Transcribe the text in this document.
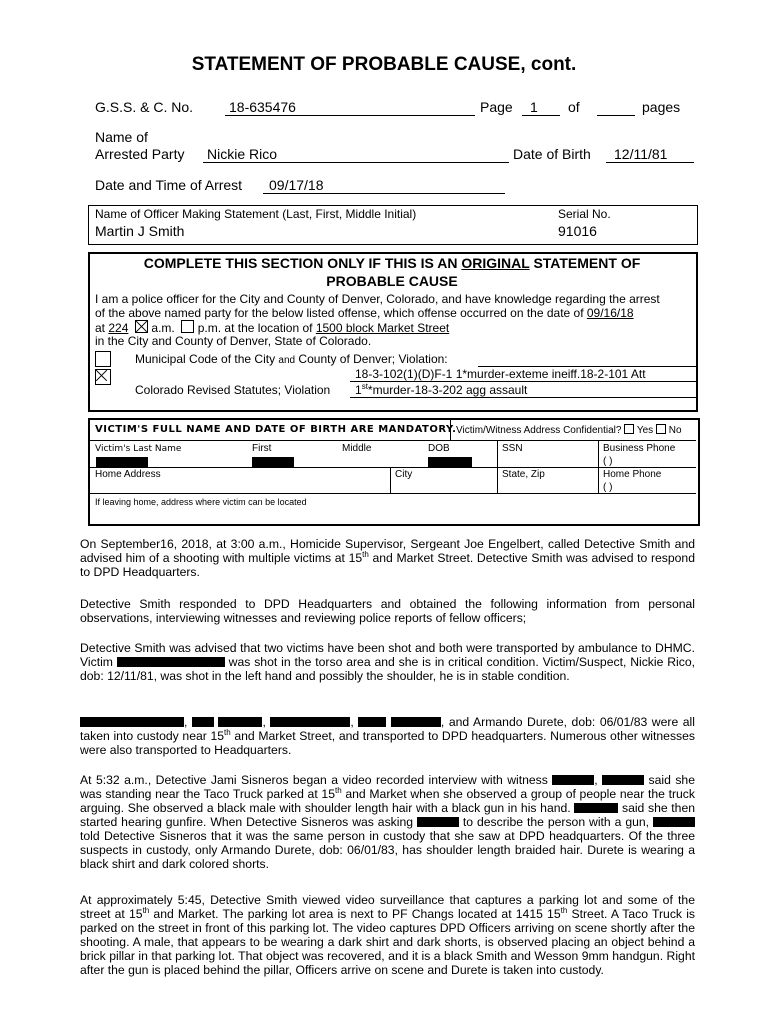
STATEMENT OF PROBABLE CAUSE, cont.
G.S.S. & C. No.	18-635476	Page	1	of	pages
Name of
Arrested Party Nickie Rico	Date of Birth	12/11/81
Date and Time of Arrest	09/17/18
Name of Officer Making Statement (Last, First, Middle Initial)
Martin J Smith
Serial No.
91016
COMPLETE THIS SECTION ONLY IF THIS IS AN ORIGINAL STATEMENT OF
PROBABLE CAUSE
I am a police officer for the City and County of Denver, Colorado, and have knowledge regarding the arrest
of the above named party for the below listed offense, which offense occurred on the date of 09/16/18
at 224 a.m. p.m. at the location of 1500 block Market Street
in the City and County of Denver, State of Colorado.
Municipal Code of the City and County of Denver; Violation:
18-3-102(1)(D)F-1 1*murder-exteme ineiff.18-2-101 Att
Colorado Revised Statutes; Violation 1st*murder-18-3-202 agg assault
VICTIM'S FULL NAME AND DATE OF BIRTH ARE MANDATORY. Victim/Witness Address Confidential? Yes No
Victim's Last Name	First	Middle	DOB	SSN	Business Phone
( )
Home Address	City	State, Zip	Home Phone
( )
If leaving home, address where victim can be located

On September16, 2018, at 3:00 a.m., Homicide Supervisor, Sergeant Joe Engelbert, called Detective Smith and advised him of a shooting with multiple victims at 15th and Market Street. Detective Smith was advised to respond to DPD Headquarters.

Detective Smith responded to DPD Headquarters and obtained the following information from personal observations, interviewing witnesses and reviewing police reports of fellow officers;

Detective Smith was advised that two victims have been shot and both were transported by ambulance to DHMC. Victim	was shot in the torso area and she is in critical condition. Victim/Suspect, Nickie Rico, dob: 12/11/81, was shot in the left hand and possibly the shoulder, he is in stable condition.

,	,	,	, and Armando Durete, dob: 06/01/83 were all taken into custody near 15th and Market Street, and transported to DPD headquarters. Numerous other witnesses were also transported to Headquarters.

At 5:32 a.m., Detective Jami Sisneros began a video recorded interview with witness	,	said she was standing near the Taco Truck parked at 15th and Market when she observed a group of people near the truck arguing. She observed a black male with shoulder length hair with a black gun in his hand.	said she then started hearing gunfire. When Detective Sisneros was asking	to describe the person with a gun,  told Detective Sisneros that it was the same person in custody that she saw at DPD headquarters. Of the three suspects in custody, only Armando Durete, dob: 06/01/83, has shoulder length braided hair. Durete is wearing a black shirt and dark colored shorts.

At approximately 5:45, Detective Smith viewed video surveillance that captures a parking lot and some of the street at 15th and Market. The parking lot area is next to PF Changs located at 1415 15th Street. A Taco Truck is parked on the street in front of this parking lot. The video captures DPD Officers arriving on scene shortly after the shooting. A male, that appears to be wearing a dark shirt and dark shorts, is observed placing an object behind a brick pillar in that parking lot. That object was recovered, and it is a black Smith and Wesson 9mm handgun. Right after the gun is placed behind the pillar, Officers arrive on scene and Durete is taken into custody.
